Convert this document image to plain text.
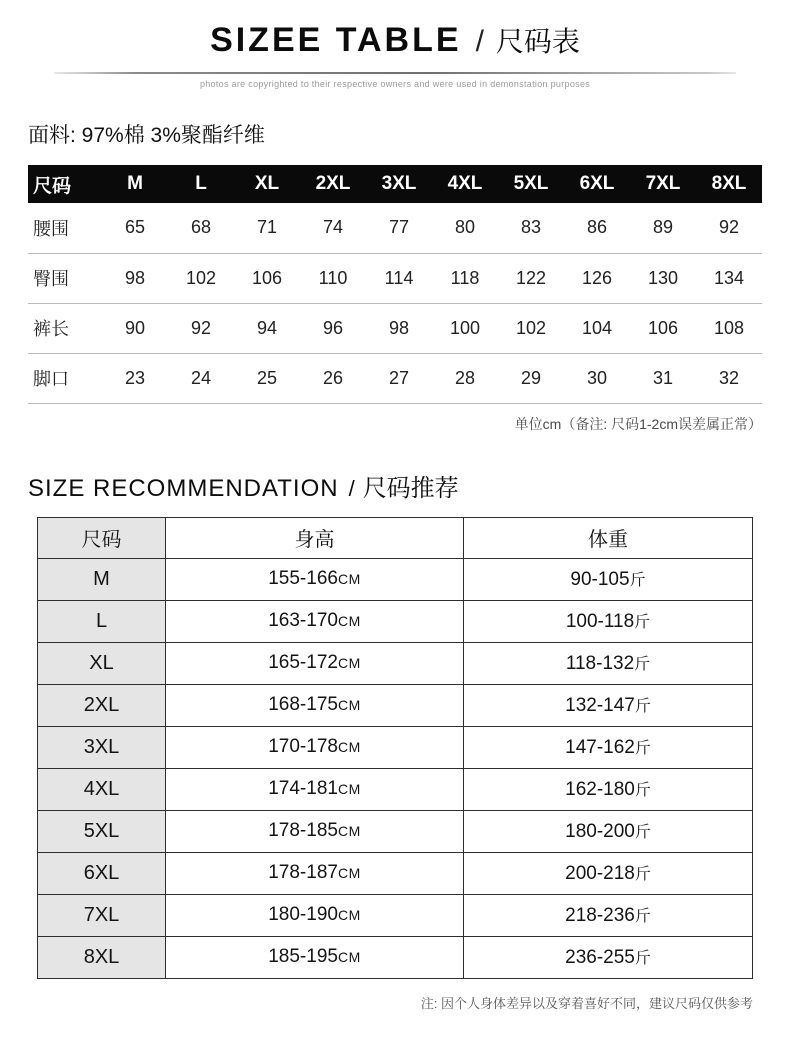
SIZEE TABLE / 尺码表
photos are copyrighted to their respective owners and were used in demonstation purposes
面料: 97%棉 3%聚酯纤维
尺码	M	L	XL	2XL	3XL	4XL	5XL	6XL	7XL	8XL
腰围	65	68	71	74	77	80	83	86	89	92
臀围	98	102	106	110	114	118	122	126	130	134
裤长	90	92	94	96	98	100	102	104	106	108
脚口	23	24	25	26	27	28	29	30	31	32
单位cm（备注: 尺码1-2cm误差属正常）
SIZE RECOMMENDATION / 尺码推荐
尺码	身高	体重
M	155-166CM	90-105斤
L	163-170CM	100-118斤
XL	165-172CM	118-132斤
2XL	168-175CM	132-147斤
3XL	170-178CM	147-162斤
4XL	174-181CM	162-180斤
5XL	178-185CM	180-200斤
6XL	178-187CM	200-218斤
7XL	180-190CM	218-236斤
8XL	185-195CM	236-255斤
注: 因个人身体差异以及穿着喜好不同，建议尺码仅供参考
